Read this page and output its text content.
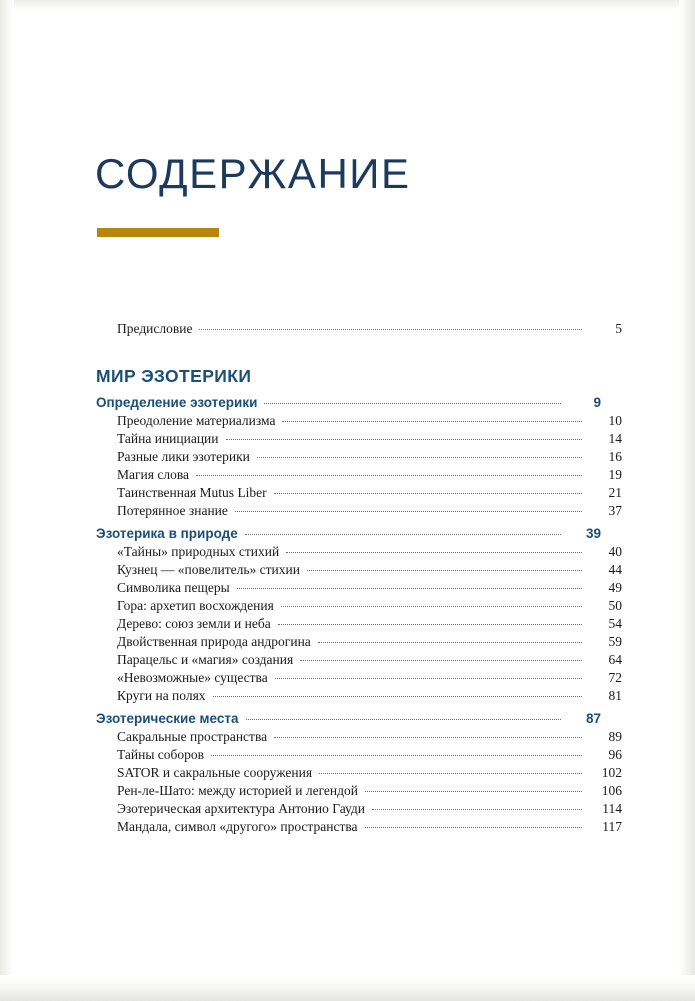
СОДЕРЖАНИЕ
Предисловие	5
МИР ЭЗОТЕРИКИ
Определение эзотерики	9
Преодоление материализма	10
Тайна инициации	14
Разные лики эзотерики	16
Магия слова	19
Таинственная Mutus Liber	21
Потерянное знание	37
Эзотерика в природе	39
«Тайны» природных стихий	40
Кузнец — «повелитель» стихии	44
Символика пещеры	49
Гора: архетип восхождения	50
Дерево: союз земли и неба	54
Двойственная природа андрогина	59
Парацельс и «магия» создания	64
«Невозможные» существа	72
Круги на полях	81
Эзотерические места	87
Сакральные пространства	89
Тайны соборов	96
SATOR и сакральные сооружения	102
Рен-ле-Шато: между историей и легендой	106
Эзотерическая архитектура Антонио Гауди	114
Мандала, символ «другого» пространства	117
